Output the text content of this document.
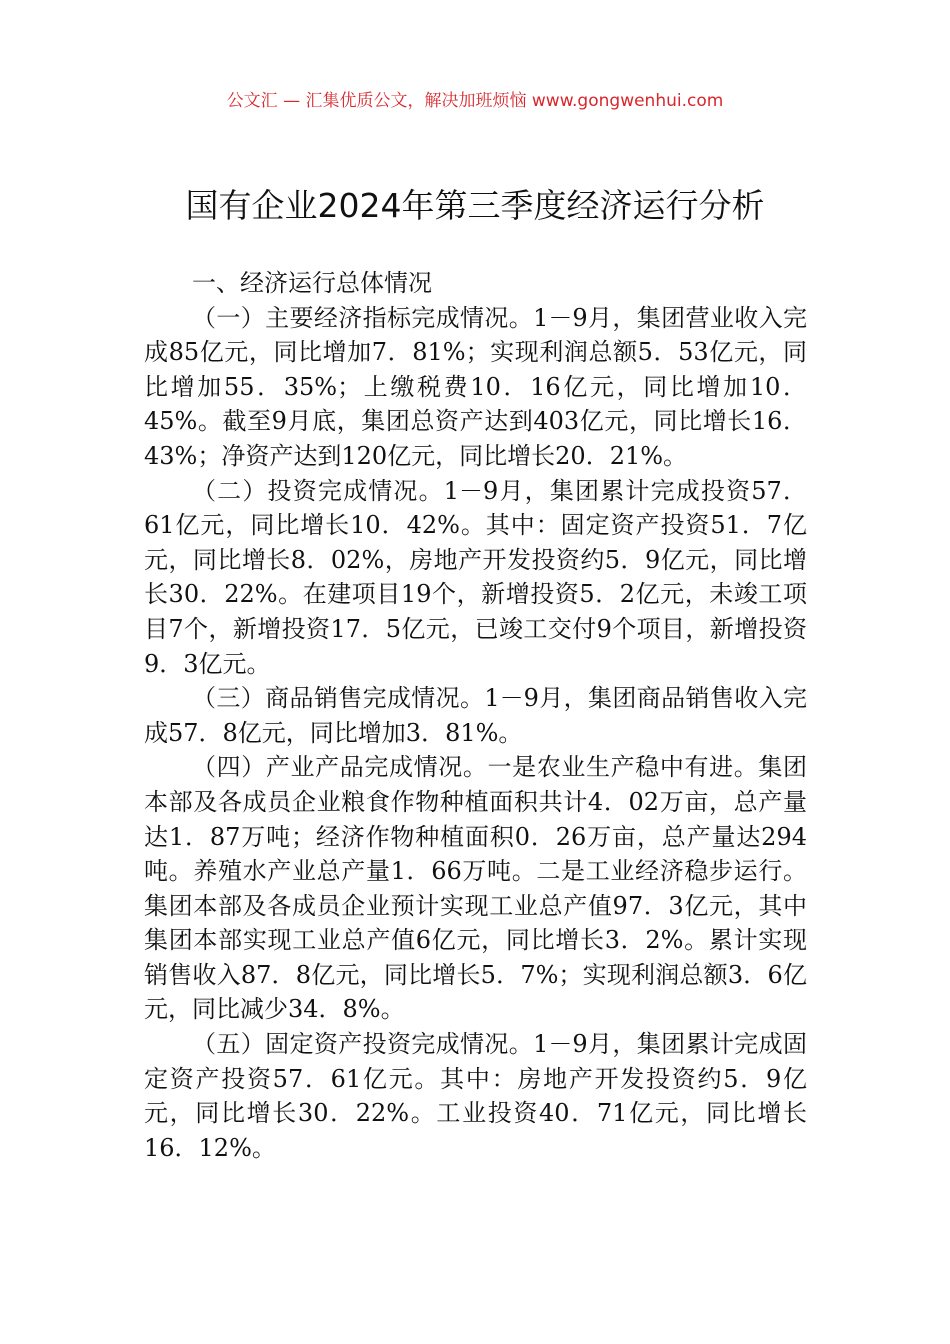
公文汇 — 汇集优质公文，解决加班烦恼 www.gongwenhui.com
国有企业2024年第三季度经济运行分析

一、经济运行总体情况

（一）主要经济指标完成情况。1－9月，集团营业收入完成85亿元，同比增加7．81%；实现利润总额5．53亿元，同比增加55．35%；上缴税费10．16亿元，同比增加10．45%。截至9月底，集团总资产达到403亿元，同比增长16．43%；净资产达到120亿元，同比增长20．21%。

（二）投资完成情况。1－9月，集团累计完成投资57．61亿元，同比增长10．42%。其中：固定资产投资51．7亿元，同比增长8．02%，房地产开发投资约5．9亿元，同比增长30．22%。在建项目19个，新增投资5．2亿元，未竣工项目7个，新增投资17．5亿元，已竣工交付9个项目，新增投资9．3亿元。

（三）商品销售完成情况。1－9月，集团商品销售收入完成57．8亿元，同比增加3．81%。

（四）产业产品完成情况。一是农业生产稳中有进。集团本部及各成员企业粮食作物种植面积共计4．02万亩，总产量达1．87万吨；经济作物种植面积0．26万亩，总产量达294吨。养殖水产业总产量1．66万吨。二是工业经济稳步运行。集团本部及各成员企业预计实现工业总产值97．3亿元，其中集团本部实现工业总产值6亿元，同比增长3．2%。累计实现销售收入87．8亿元，同比增长5．7%；实现利润总额3．6亿元，同比减少34．8%。

（五）固定资产投资完成情况。1－9月，集团累计完成固定资产投资57．61亿元。其中：房地产开发投资约5．9亿元，同比增长30．22%。工业投资40．71亿元，同比增长16．12%。
